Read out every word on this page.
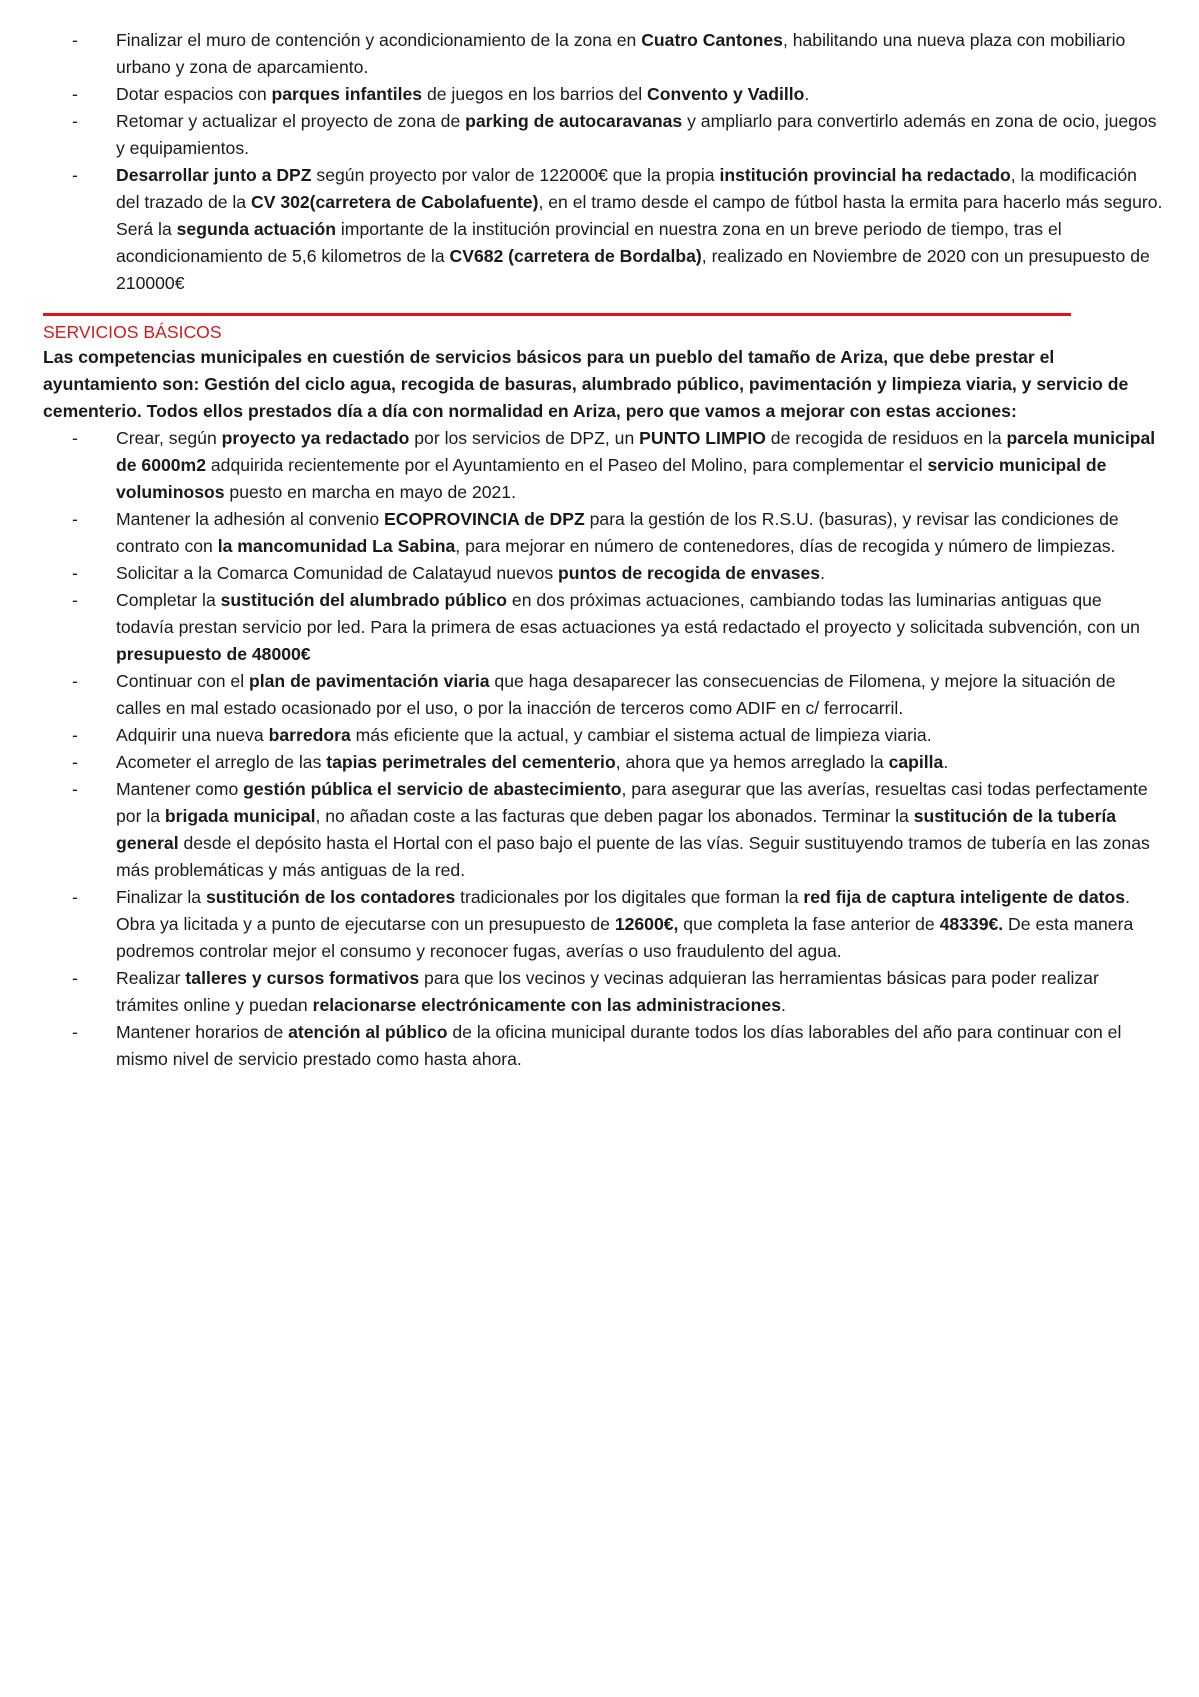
- Finalizar el muro de contención y acondicionamiento de la zona en Cuatro Cantones, habilitando una nueva plaza con mobiliario urbano y zona de aparcamiento.
- Dotar espacios con parques infantiles de juegos en los barrios del Convento y Vadillo.
- Retomar y actualizar el proyecto de zona de parking de autocaravanas y ampliarlo para convertirlo además en zona de ocio, juegos y equipamientos.
- Desarrollar junto a DPZ según proyecto por valor de 122000€ que la propia institución provincial ha redactado, la modificación del trazado de la CV 302(carretera de Cabolafuente), en el tramo desde el campo de fútbol hasta la ermita para hacerlo más seguro. Será la segunda actuación importante de la institución provincial en nuestra zona en un breve periodo de tiempo, tras el acondicionamiento de 5,6 kilometros de la CV682 (carretera de Bordalba), realizado en Noviembre de 2020 con un presupuesto de 210000€
SERVICIOS BÁSICOS

Las competencias municipales en cuestión de servicios básicos para un pueblo del tamaño de Ariza, que debe prestar el ayuntamiento son: Gestión del ciclo agua, recogida de basuras, alumbrado público, pavimentación y limpieza viaria, y servicio de cementerio. Todos ellos prestados día a día con normalidad en Ariza, pero que vamos a mejorar con estas acciones:

- Crear, según proyecto ya redactado por los servicios de DPZ, un PUNTO LIMPIO de recogida de residuos en la parcela municipal de 6000m2 adquirida recientemente por el Ayuntamiento en el Paseo del Molino, para complementar el servicio municipal de voluminosos puesto en marcha en mayo de 2021.
- Mantener la adhesión al convenio ECOPROVINCIA de DPZ para la gestión de los R.S.U. (basuras), y revisar las condiciones de contrato con la mancomunidad La Sabina, para mejorar en número de contenedores, días de recogida y número de limpiezas.
- Solicitar a la Comarca Comunidad de Calatayud nuevos puntos de recogida de envases.
- Completar la sustitución del alumbrado público en dos próximas actuaciones, cambiando todas las luminarias antiguas que todavía prestan servicio por led. Para la primera de esas actuaciones ya está redactado el proyecto y solicitada subvención, con un presupuesto de 48000€
- Continuar con el plan de pavimentación viaria que haga desaparecer las consecuencias de Filomena, y mejore la situación de calles en mal estado ocasionado por el uso, o por la inacción de terceros como ADIF en c/ ferrocarril.
- Adquirir una nueva barredora más eficiente que la actual, y cambiar el sistema actual de limpieza viaria.
- Acometer el arreglo de las tapias perimetrales del cementerio, ahora que ya hemos arreglado la capilla.
- Mantener como gestión pública el servicio de abastecimiento, para asegurar que las averías, resueltas casi todas perfectamente por la brigada municipal, no añadan coste a las facturas que deben pagar los abonados. Terminar la sustitución de la tubería general desde el depósito hasta el Hortal con el paso bajo el puente de las vías. Seguir sustituyendo tramos de tubería en las zonas más problemáticas y más antiguas de la red.
- Finalizar la sustitución de los contadores tradicionales por los digitales que forman la red fija de captura inteligente de datos. Obra ya licitada y a punto de ejecutarse con un presupuesto de 12600€, que completa la fase anterior de 48339€. De esta manera podremos controlar mejor el consumo y reconocer fugas, averías o uso fraudulento del agua.
- Realizar talleres y cursos formativos para que los vecinos y vecinas adquieran las herramientas básicas para poder realizar trámites online y puedan relacionarse electrónicamente con las administraciones.
- Mantener horarios de atención al público de la oficina municipal durante todos los días laborables del año para continuar con el mismo nivel de servicio prestado como hasta ahora.
